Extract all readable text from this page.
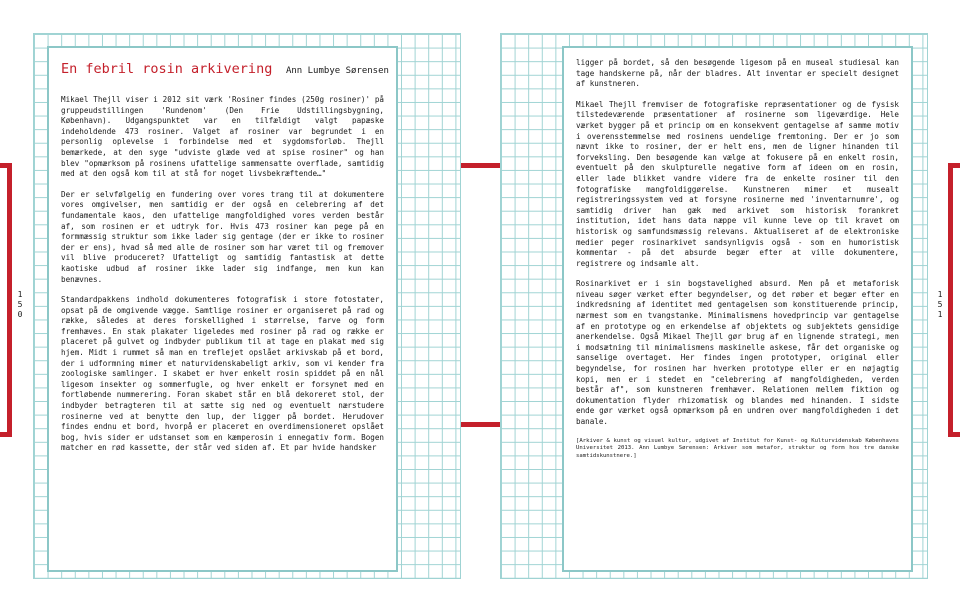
1
5
0
1
5
1
En febril rosin arkivering Ann Lumbye Sørensen

Mikael Thejll viser i 2012 sit værk 'Rosiner findes (250g rosiner)' på gruppeudstillingen 'Rundenom' (Den Frie Udstillingsbygning, København). Udgangspunktet var en tilfældigt valgt papæske indeholdende 473 rosiner. Valget af rosiner var begrundet i en personlig oplevelse i forbindelse med et sygdomsforløb. Thejll bemærkede, at den syge "udviste glæde ved at spise rosiner" og han blev "opmærksom på rosinens ufattelige sammensatte overflade, samtidig med at den også kom til at stå for noget livsbekræftende…"

Der er selvfølgelig en fundering over vores trang til at dokumentere vores omgivelser, men samtidig er der også en celebrering af det fundamentale kaos, den ufattelige mangfoldighed vores verden består af, som rosinen er et udtryk for. Hvis 473 rosiner kan pege på en formmæssig struktur som ikke lader sig gentage (der er ikke to rosiner der er ens), hvad så med alle de rosiner som har været til og fremover vil blive produceret? Ufatteligt og samtidig fantastisk at dette kaotiske udbud af rosiner ikke lader sig indfange, men kun kan benævnes.

Standardpakkens indhold dokumenteres fotografisk i store fotostater, opsat på de omgivende vægge. Samtlige rosiner er organiseret på rad og række, således at deres forskellighed i størrelse, farve og form fremhæves. En stak plakater ligeledes med rosiner på rad og række er placeret på gulvet og indbyder publikum til at tage en plakat med sig hjem. Midt i rummet så man en treflejet opslået arkivskab på et bord, der i udformning mimer et naturvidenskabeligt arkiv, som vi kender fra zoologiske samlinger. I skabet er hver enkelt rosin spiddet på en nål ligesom insekter og sommerfugle, og hver enkelt er forsynet med en fortløbende nummerering. Foran skabet står en blå dekoreret stol, der indbyder betragteren til at sætte sig ned og eventuelt nærstudere rosinerne ved at benytte den lup, der ligger på bordet. Herudover findes endnu et bord, hvorpå er placeret en overdimensioneret opslået bog, hvis sider er udstanset som en kæmperosin i ennegativ form. Bogen matcher en rød kassette, der står ved siden af. Et par hvide handsker

ligger på bordet, så den besøgende ligesom på en museal studiesal kan tage handskerne på, når der bladres. Alt inventar er specielt designet af kunstneren.

Mikael Thejll fremviser de fotografiske repræsentationer og de fysisk tilstedeværende præsentationer af rosinerne som ligeværdige. Hele værket bygger på et princip om en konsekvent gentagelse af samme motiv i overensstemmelse med rosinens uendelige fremtoning. Der er jo som nævnt ikke to rosiner, der er helt ens, men de ligner hinanden til forveksling. Den besøgende kan vælge at fokusere på en enkelt rosin, eventuelt på den skulpturelle negative form af ideen om en rosin, eller lade blikket vandre videre fra de enkelte rosiner til den fotografiske mangfoldiggørelse. Kunstneren mimer et musealt registreringssystem ved at forsyne rosinerne med 'inventarnumre', og samtidig driver han gæk med arkivet som historisk forankret institution, idet hans data næppe vil kunne leve op til kravet om historisk og samfundsmæssig relevans. Aktualiseret af de elektroniske medier peger rosinarkivet sandsynligvis også - som en humoristisk kommentar - på det absurde begær efter at ville dokumentere, registrere og indsamle alt.

Rosinarkivet er i sin bogstavelighed absurd. Men på et metaforisk niveau søger værket efter begyndelser, og det røber et begær efter en indkredsning af identitet med gentagelsen som konstituerende princip, nærmest som en tvangstanke. Minimalismens hovedprincip var gentagelse af en prototype og en erkendelse af objektets og subjektets gensidige anerkendelse. Også Mikael Thejll gør brug af en lignende strategi, men i modsætning til minimalismens maskinelle askese, får det organiske og sanselige overtaget. Her findes ingen prototyper, original eller begyndelse, for rosinen har hverken prototype eller er en nøjagtig kopi, men er i stedet en "celebrering af mangfoldigheden, verden består af", som kunstneren fremhæver. Relationen mellem fiktion og dokumentation flyder rhizomatisk og blandes med hinanden. I sidste ende gør værket også opmærksom på en undren over mangfoldigheden i det banale.

[Arkiver & kunst og visuel kultur, udgivet af Institut for Kunst- og Kulturvidenskab Københavns Universitet 2013. Ann Lumbye Sørensen: Arkiver som metafor, struktur og form hos tre danske samtidskunstnere.]
